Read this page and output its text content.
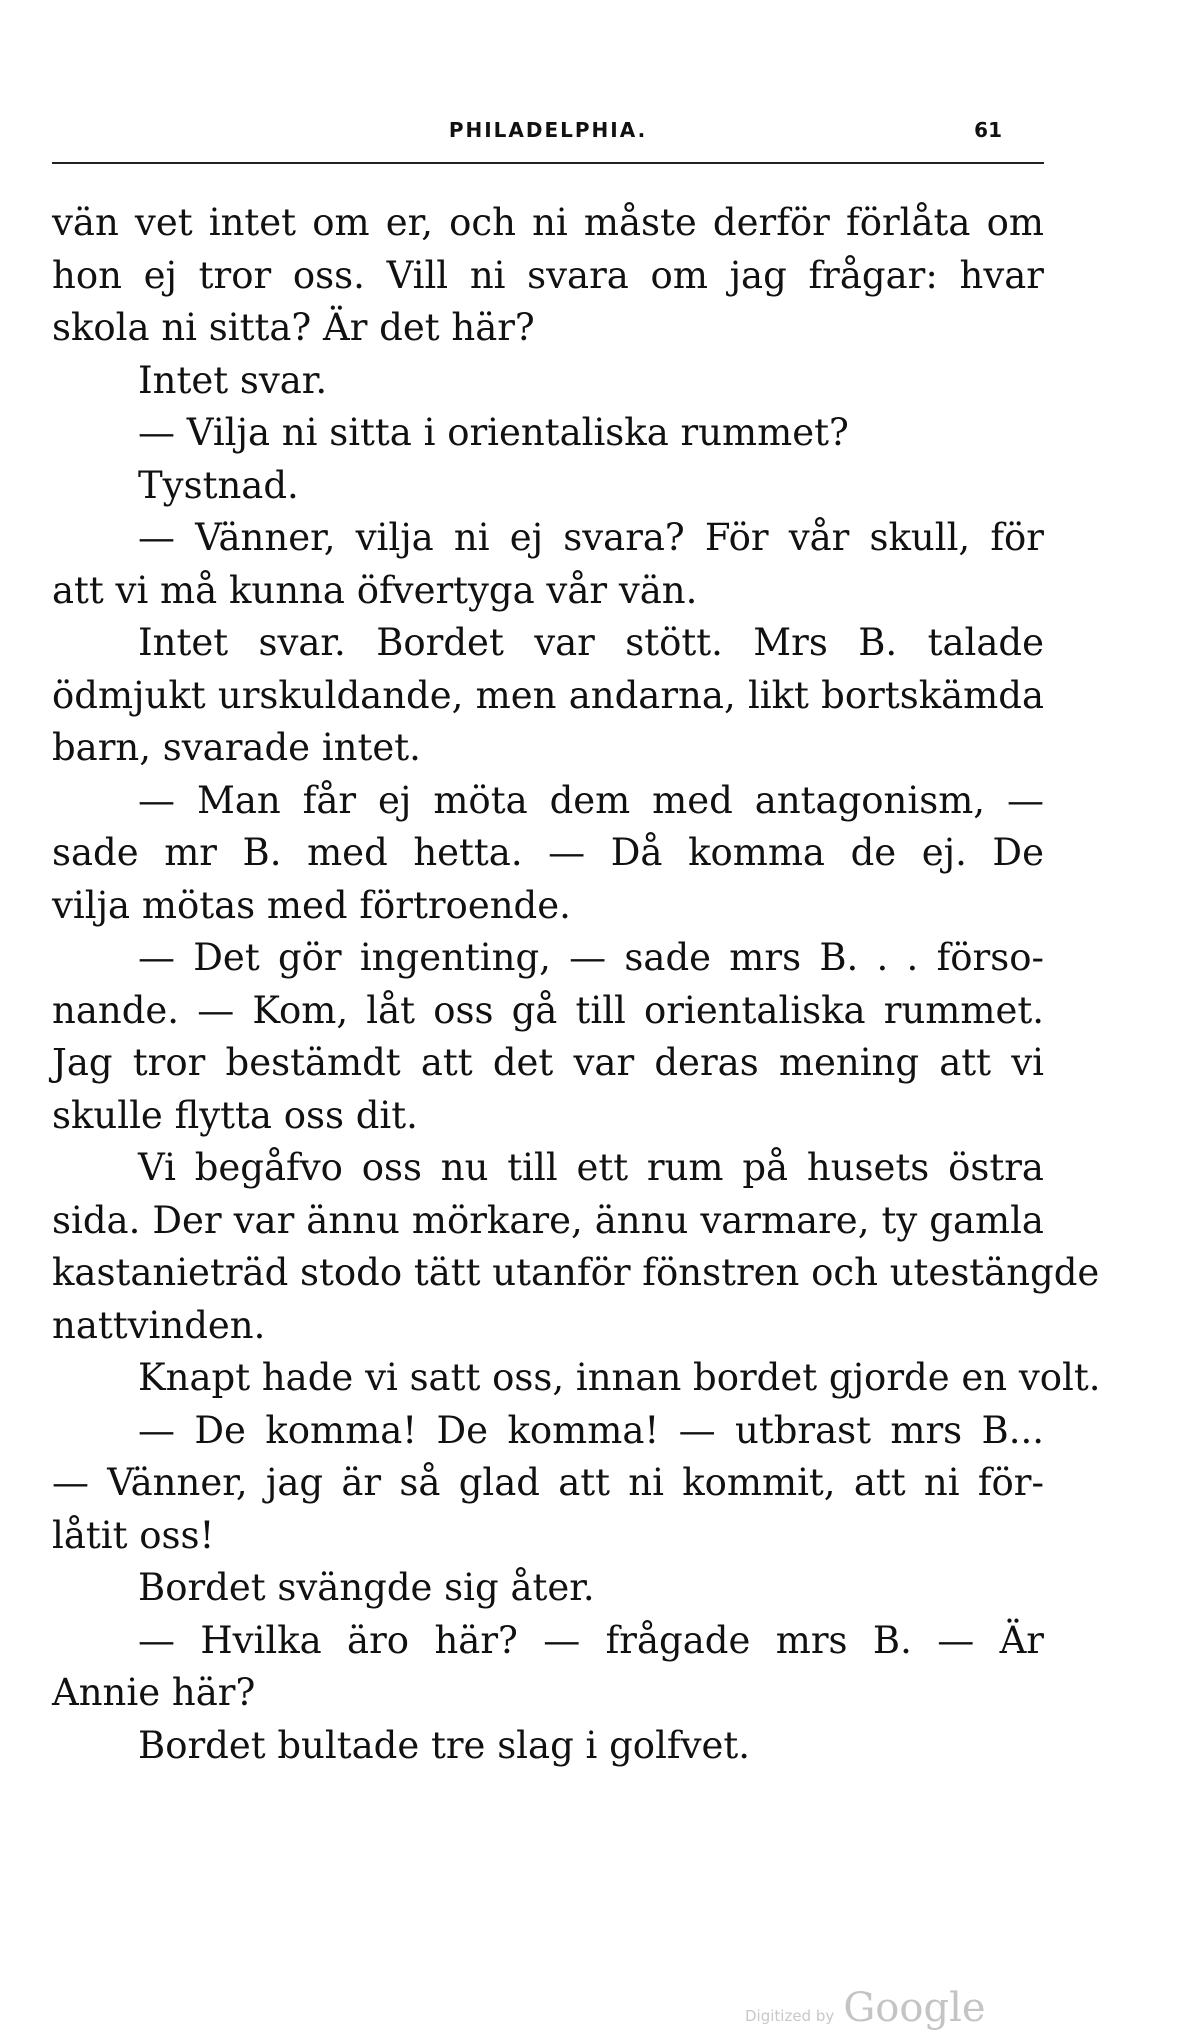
PHILADELPHIA.	61
vän vet intet om er, och ni måste derför förlåta om
hon ej tror oss. Vill ni svara om jag frågar: hvar
skola ni sitta? Är det här?
Intet svar.
— Vilja ni sitta i orientaliska rummet?
Tystnad.
— Vänner, vilja ni ej svara? För vår skull, för
att vi må kunna öfvertyga vår vän.
Intet svar. Bordet var stött. Mrs B. talade
ödmjukt urskuldande, men andarna, likt bortskämda
barn, svarade intet.
— Man får ej möta dem med antagonism, —
sade mr B. med hetta. — Då komma de ej. De
vilja mötas med förtroende.
— Det gör ingenting, — sade mrs B. . . förso-
nande. — Kom, låt oss gå till orientaliska rummet.
Jag tror bestämdt att det var deras mening att vi
skulle flytta oss dit.
Vi begåfvo oss nu till ett rum på husets östra
sida. Der var ännu mörkare, ännu varmare, ty gamla
kastanieträd stodo tätt utanför fönstren och utestängde
nattvinden.
Knapt hade vi satt oss, innan bordet gjorde en volt.
— De komma! De komma! — utbrast mrs B...
— Vänner, jag är så glad att ni kommit, att ni för-
låtit oss!
Bordet svängde sig åter.
— Hvilka äro här? — frågade mrs B. — Är
Annie här?
Bordet bultade tre slag i golfvet.
Digitized by Google
